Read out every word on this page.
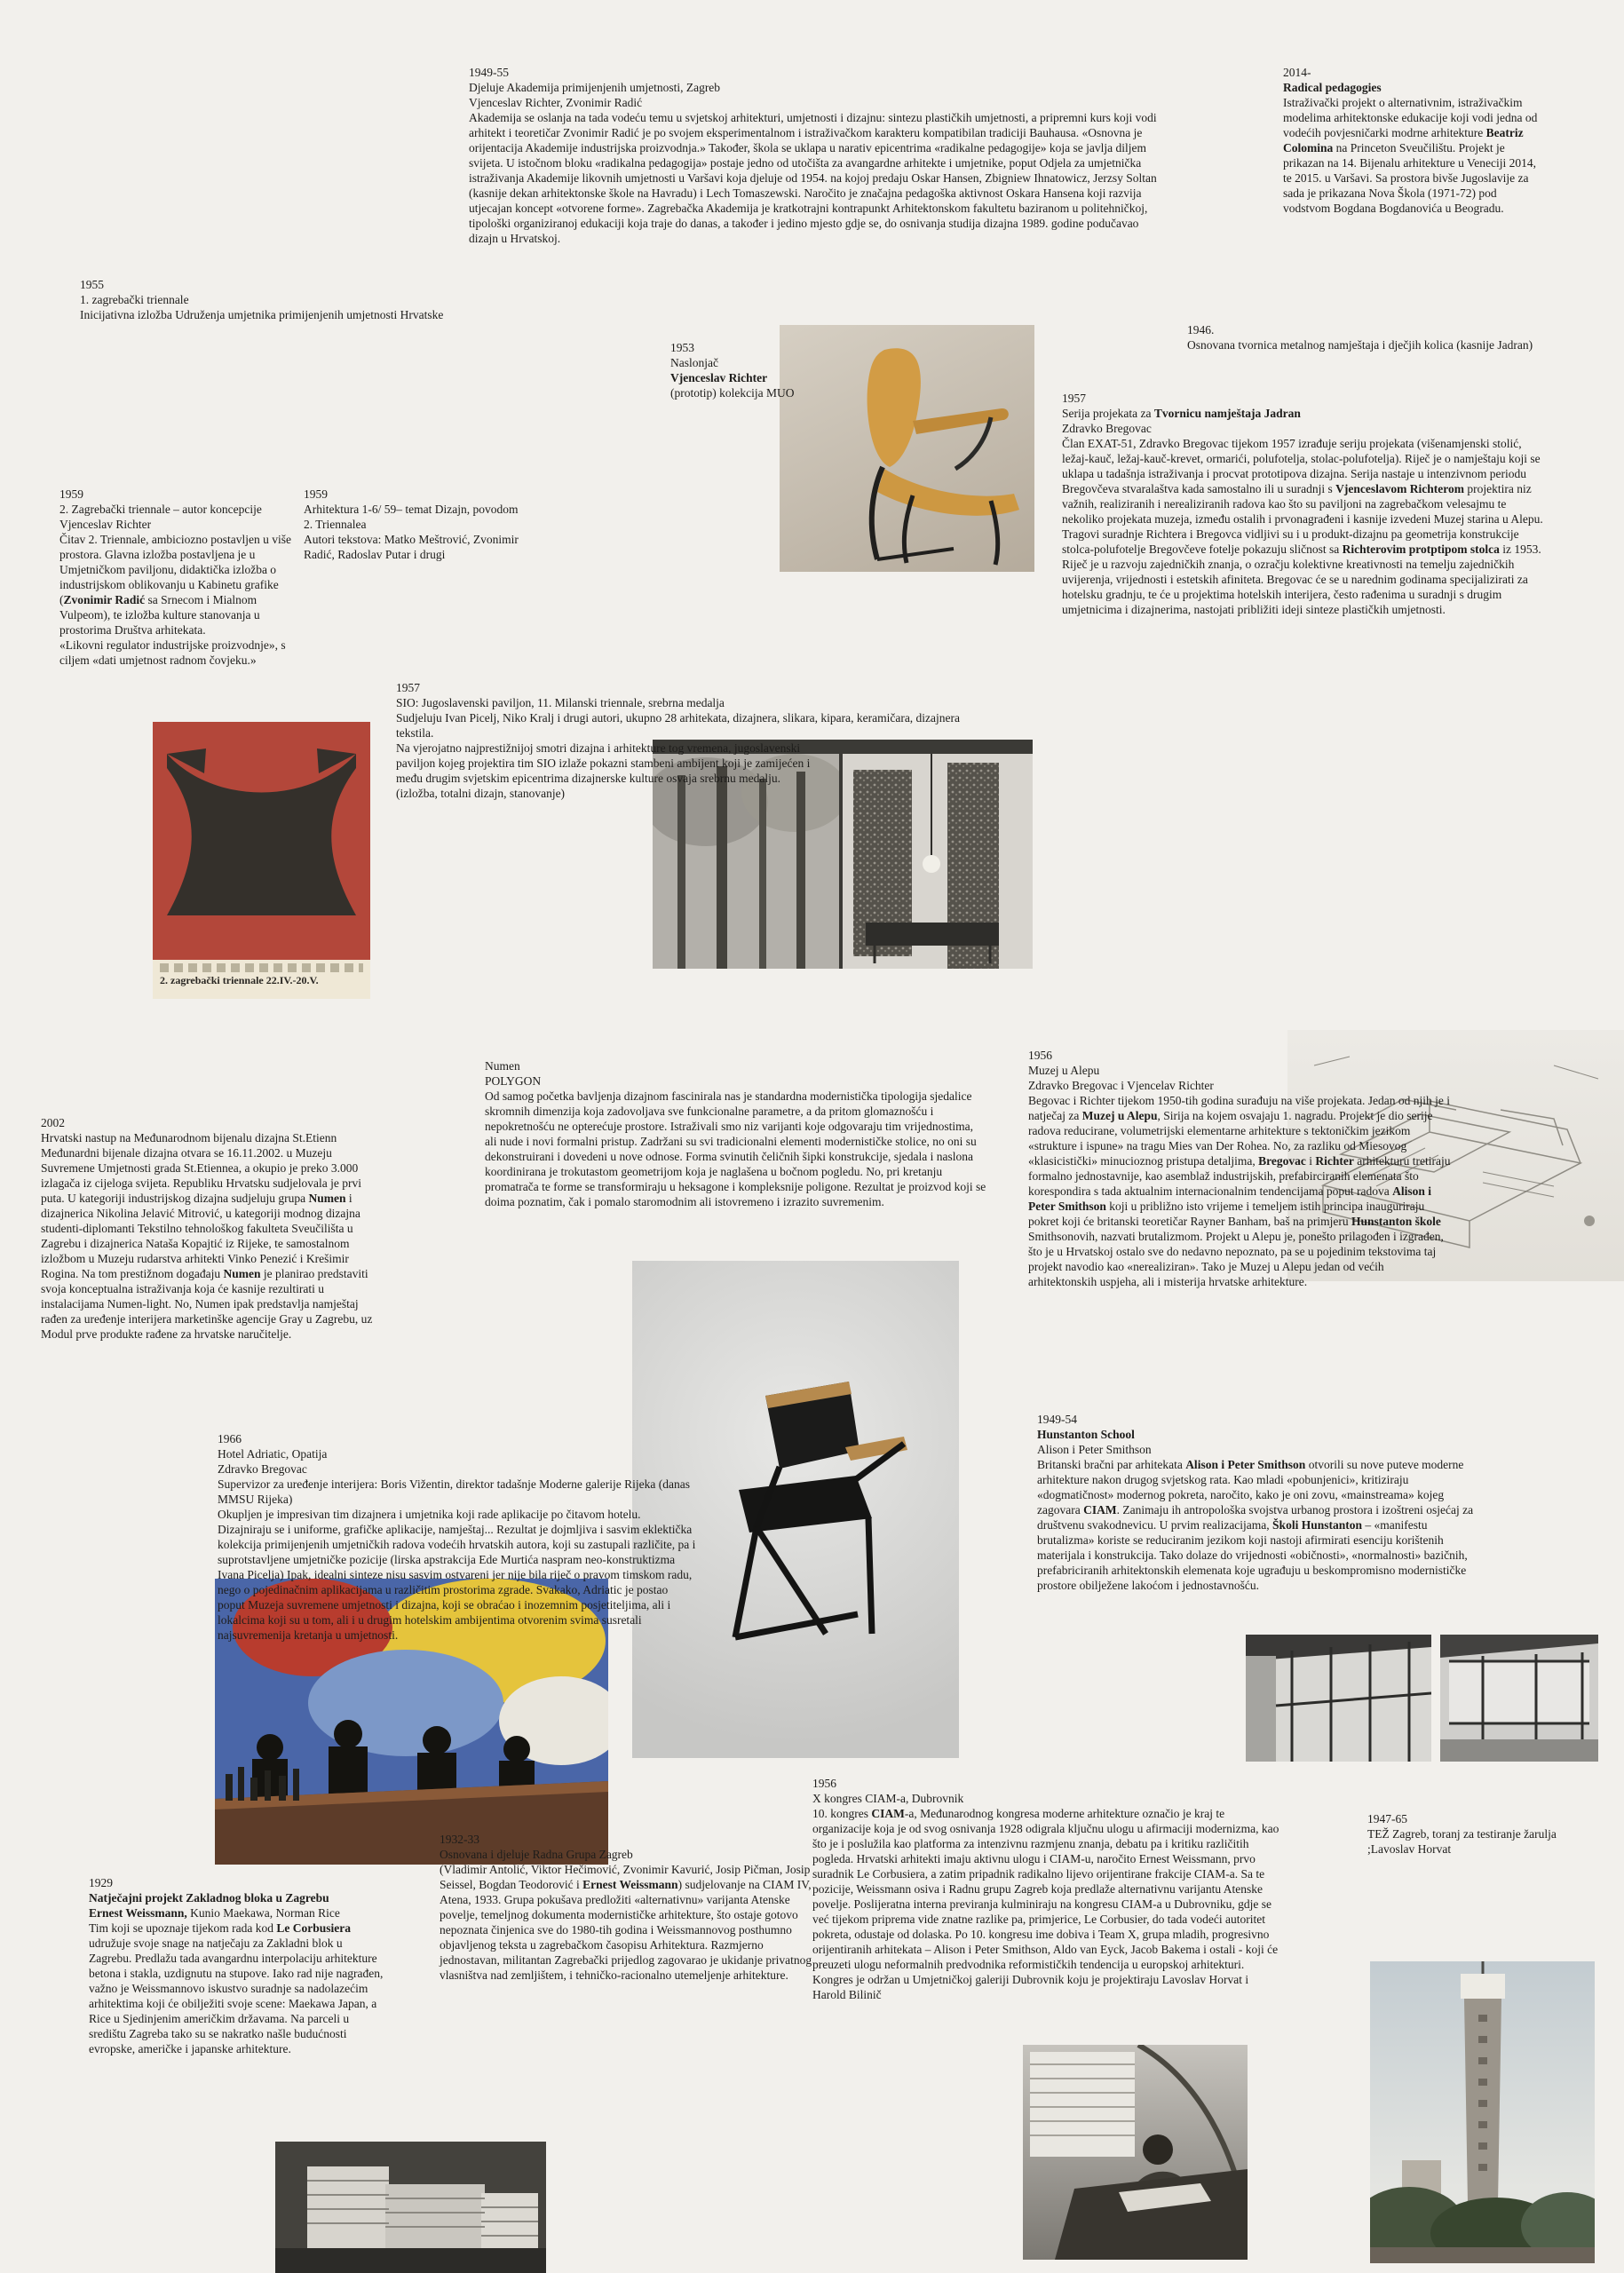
2. zagrebački triennale 22.IV.-20.V.

1949-55

Djeluje Akademija primijenjenih umjetnosti, Zagreb

Vjenceslav Richter, Zvonimir Radić

Akademija se oslanja na tada vodeću temu u svjetskoj arhitekturi, umjetnosti i dizajnu: sintezu plastičkih umjetnosti, a pripremni kurs koji vodi arhitekt i teoretičar Zvonimir Radić je po svojem eksperimentalnom i istraživačkom karakteru kompatibilan tradiciji Bauhausa. «Osnovna je orijentacija Akademije industrijska proizvodnja.» Također, škola se uklapa u narativ epicentrima «radikalne pedagogije» koja se javlja diljem svijeta. U istočnom bloku «radikalna pedagogija» postaje jedno od utočišta za avangardne arhitekte i umjetnike, poput Odjela za umjetnička istraživanja Akademije likovnih umjetnosti u Varšavi koja djeluje od 1954. na kojoj predaju Oskar Hansen, Zbigniew Ihnatowicz, Jerzsy Soltan (kasnije dekan arhitektonske škole na Havradu) i Lech Tomaszewski. Naročito je značajna pedagoška aktivnost Oskara Hansena koji razvija utjecajan koncept «otvorene forme». Zagrebačka Akademija je kratkotrajni kontrapunkt Arhitektonskom fakultetu baziranom u politehničkoj, tipološki organiziranoj edukaciji koja traje do danas, a također i jedino mjesto gdje se, do osnivanja studija dizajna 1989. godine podučavao dizajn u Hrvatskoj.

2014-

Radical pedagogies

Istraživački projekt o alternativnim, istraživačkim modelima arhitektonske edukacije koji vodi jedna od vodećih povjesničarki modrne arhitekture Beatriz Colomina na Princeton Sveučilištu. Projekt je prikazan na 14. Bijenalu arhitekture u Veneciji 2014, te 2015. u Varšavi. Sa prostora bivše Jugoslavije za sada je prikazana Nova Škola (1971-72) pod vodstvom Bogdana Bogdanovića u Beogradu.

1955

1. zagrebački triennale

Inicijativna izložba Udruženja umjetnika primijenjenih umjetnosti Hrvatske

1953

Naslonjač

Vjenceslav Richter

(prototip) kolekcija MUO

1946.

Osnovana tvornica metalnog namještaja i dječjih kolica (kasnije Jadran)

1957

Serija projekata za Tvornicu namještaja Jadran

Zdravko Bregovac

Član EXAT-51, Zdravko Bregovac tijekom 1957 izrađuje seriju projekata (višenamjenski stolić, ležaj-kauč, ležaj-kauč-krevet, ormarići, polufotelja, stolac-polufotelja). Riječ je o namještaju koji se uklapa u tadašnja istraživanja i procvat prototipova dizajna. Serija nastaje u intenzivnom periodu Bregovčeva stvaralaštva kada samostalno ili u suradnji s Vjenceslavom Richterom projektira niz važnih, realiziranih i nerealiziranih radova kao što su paviljoni na zagrebačkom velesajmu te nekoliko projekata muzeja, između ostalih i prvonagrađeni i kasnije izvedeni Muzej starina u Alepu. Tragovi suradnje Richtera i Bregovca vidljivi su i u produkt-dizajnu pa geometrija konstrukcije stolca-polufotelje Bregovčeve fotelje pokazuju sličnost sa Richterovim protptipom stolca iz 1953. Riječ je u razvoju zajedničkih znanja, o ozračju kolektivne kreativnosti na temelju zajedničkih uvijerenja, vrijednosti i estetskih afiniteta. Bregovac će se u narednim godinama specijalizirati za hotelsku gradnju, te će u projektima hotelskih interijera, često rađenima u suradnji s drugim umjetnicima i dizajnerima, nastojati približiti ideji sinteze plastičkih umjetnosti.

1959

2. Zagrebački triennale – autor koncepcije Vjenceslav Richter

Čitav 2. Triennale, ambiciozno postavljen u više prostora. Glavna izložba postavljena je u Umjetničkom paviljonu, didaktička izložba o industrijskom oblikovanju u Kabinetu grafike (Zvonimir Radić sa Srnecom i Mialnom Vulpeom), te izložba kulture stanovanja u prostorima Društva arhitekata.

«Likovni regulator industrijske proizvodnje», s ciljem «dati umjetnost radnom čovjeku.»

1959

Arhitektura 1-6/ 59– temat Dizajn, povodom 2. Triennalea

Autori tekstova: Matko Meštrović, Zvonimir Radić, Radoslav Putar i drugi

1957

SIO: Jugoslavenski paviljon, 11. Milanski triennale, srebrna medalja

Sudjeluju Ivan Picelj, Niko Kralj i drugi autori, ukupno 28 arhitekata, dizajnera, slikara, kipara, keramičara, dizajnera tekstila.

Na vjerojatno najprestižnijoj smotri dizajna i arhitekture tog vremena, jugoslavenski paviljon kojeg projektira tim SIO izlaže pokazni stambeni ambijent koji je zamijećen i među drugim svjetskim epicentrima dizajnerske kulture osvaja srebrnu medalju.

(izložba, totalni dizajn, stanovanje)

Numen

POLYGON

Od samog početka bavljenja dizajnom fascinirala nas je standardna modernistička tipologija sjedalice skromnih dimenzija koja zadovoljava sve funkcionalne parametre, a da pritom glomaznošću i nepokretnošću ne opterećuje prostore. Istraživali smo niz varijanti koje odgovaraju tim vrijednostima, ali nude i novi formalni pristup. Zadržani su svi tradicionalni elementi modernističke stolice, no oni su dekonstruirani i dovedeni u nove odnose. Forma svinutih čeličnih šipki konstrukcije, sjedala i naslona koordinirana je trokutastom geometrijom koja je naglašena u bočnom pogledu. No, pri kretanju promatrača te forme se transformiraju u heksagone i kompleksnije poligone. Rezultat je proizvod koji se doima poznatim, čak i pomalo staromodnim ali istovremeno i izrazito suvremenim.

1956

Muzej u Alepu

Zdravko Bregovac i Vjencelav Richter

Begovac i Richter tijekom 1950-tih godina surađuju na više projekata. Jedan od njih je i natječaj za Muzej u Alepu, Sirija na kojem osvajaju 1. nagradu. Projekt je dio serije radova reducirane, volumetrijski elementarne arhitekture s tektoničkim jezikom «strukture i ispune» na tragu Mies van Der Rohea. No, za razliku od Miesovog «klasicistički» minucioznog pristupa detaljima, Bregovac i Richter arhitekturu tretiraju formalno jednostavnije, kao asemblaž industrijskih, prefabirciranih elemenata što korespondira s tada aktualnim internacionalnim tendencijama poput radova Alison i Peter Smithson koji u približno isto vrijeme i temeljem istih principa inauguriraju pokret koji će britanski teoretičar Rayner Banham, baš na primjeru Hunstanton škole Smithsonovih, nazvati brutalizmom. Projekt u Alepu je, ponešto prilagođen i izgrađen, što je u Hrvatskoj ostalo sve do nedavno nepoznato, pa se u pojedinim tekstovima taj projekt navodio kao «nerealiziran». Tako je Muzej u Alepu jedan od većih arhitektonskih uspjeha, ali i misterija hrvatske arhitekture.

2002

Hrvatski nastup na Međunarodnom bijenalu dizajna St.Etienn

Međunardni bijenale dizajna otvara se 16.11.2002. u Muzeju Suvremene Umjetnosti grada St.Etiennea, a okupio je preko 3.000 izlagača iz cijeloga svijeta. Republiku Hrvatsku sudjelovala je prvi puta. U kategoriji industrijskog dizajna sudjeluju grupa Numen i dizajnerica Nikolina Jelavić Mitrović, u kategoriji modnog dizajna studenti-diplomanti Tekstilno tehnološkog fakulteta Sveučilišta u Zagrebu i dizajnerica Nataša Kopajtić iz Rijeke, te samostalnom izložbom u Muzeju rudarstva arhitekti Vinko Penezić i Krešimir Rogina. Na tom prestižnom događaju Numen je planirao predstaviti svoja konceptualna istraživanja koja će kasnije rezultirati u instalacijama Numen-light. No, Numen ipak predstavlja namještaj rađen za uređenje interijera marketinške agencije Gray u Zagrebu, uz Modul prve produkte rađene za hrvatske naručitelje.

1966

Hotel Adriatic, Opatija

Zdravko Bregovac

Supervizor za uređenje interijera: Boris Vižentin, direktor tadašnje Moderne galerije Rijeka (danas MMSU Rijeka)

Okupljen je impresivan tim dizajnera i umjetnika koji rade aplikacije po čitavom hotelu. Dizajniraju se i uniforme, grafičke aplikacije, namještaj... Rezultat je dojmljiva i sasvim eklektička kolekcija primijenjenih umjetničkih radova vodećih hrvatskih autora, koji su zastupali različite, pa i suprotstavljene umjetničke pozicije (lirska apstrakcija Ede Murtića naspram neo-konstruktizma Ivana Picelja) Ipak, idealni sinteze nisu sasvim ostvareni jer nije bila riječ o pravom timskom radu, nego o pojedinačnim aplikacijama u različitim prostorima zgrade. Svakako, Adriatic je postao poput Muzeja suvremene umjetnosti i dizajna, koji se obraćao i inozemnim posjetiteljima, ali i lokalcima koji su u tom, ali i u drugim hotelskim ambijentima otvorenim svima susretali najsuvremenija kretanja u umjetnosti.

1949-54

Hunstanton School

Alison i Peter Smithson

Britanski bračni par arhitekata Alison i Peter Smithson otvorili su nove puteve moderne arhitekture nakon drugog svjetskog rata. Kao mladi «pobunjenici», kritiziraju «dogmatičnost» modernog pokreta, naročito, kako je oni zovu, «mainstreama» kojeg zagovara CIAM. Zanimaju ih antropološka svojstva urbanog prostora i izoštreni osjećaj za društvenu svakodnevicu. U prvim realizacijama, Školi Hunstanton – «manifestu brutalizma» koriste se reduciranim jezikom koji nastoji afirmirati esenciju korištenih materijala i konstrukcija. Tako dolaze do vrijednosti «običnosti», «normalnosti» bazičnih, prefabriciranih arhitektonskih elemenata koje ugrađuju u beskompromisno modernističke prostore obilježene lakoćom i jednostavnošću.

1956

X kongres CIAM-a, Dubrovnik

10. kongres CIAM-a, Međunarodnog kongresa moderne arhitekture označio je kraj te organizacije koja je od svog osnivanja 1928 odigrala ključnu ulogu u afirmaciji modernizma, kao što je i poslužila kao platforma za intenzivnu razmjenu znanja, debatu pa i kritiku različitih pogleda. Hrvatski arhitekti imaju aktivnu ulogu i CIAM-u, naročito Ernest Weissmann, prvo suradnik Le Corbusiera, a zatim pripadnik radikalno lijevo orijentirane frakcije CIAM-a. Sa te pozicije, Weissmann osiva i Radnu grupu Zagreb koja predlaže alternativnu varijantu Atenske povelje. Poslijeratna interna previranja kulminiraju na kongresu CIAM-a u Dubrovniku, gdje se već tijekom priprema vide znatne razlike pa, primjerice, Le Corbusier, do tada vodeći autoritet pokreta, odustaje od dolaska. Po 10. kongresu ime dobiva i Team X, grupa mladih, progresivno orijentiranih arhitekata – Alison i Peter Smithson, Aldo van Eyck, Jacob Bakema i ostali - koji će preuzeti ulogu neformalnih predvodnika reformističkih tendencija u europskoj arhitekturi. Kongres je održan u Umjetničkoj galeriji Dubrovnik koju je projektiraju Lavoslav Horvat i Harold Bilinič

1947-65

TEŽ Zagreb, toranj za testiranje žarulja

;Lavoslav Horvat

1929

Natječajni projekt Zakladnog bloka u Zagrebu

Ernest Weissmann, Kunio Maekawa, Norman Rice

Tim koji se upoznaje tijekom rada kod Le Corbusiera udružuje svoje snage na natječaju za Zakladni blok u Zagrebu. Predlažu tada avangardnu interpolaciju arhitekture betona i stakla, uzdignutu na stupove. Iako rad nije nagrađen, važno je Weissmannovo iskustvo suradnje sa nadolazećim arhitektima koji će obilježiti svoje scene: Maekawa Japan, a Rice u Sjedinjenim američkim državama. Na parceli u središtu Zagreba tako su se nakratko našle budućnosti evropske, američke i japanske arhitekture.

1932-33

Osnovana i djeluje Radna Grupa Zagreb

(Vladimir Antolić, Viktor Hečimović, Zvonimir Kavurić, Josip Pičman, Josip Seissel, Bogdan Teodorović i Ernest Weissmann) sudjelovanje na CIAM IV, Atena, 1933. Grupa pokušava predložiti «alternativnu» varijanta Atenske povelje, temeljnog dokumenta modernističke arhitekture, što ostaje gotovo nepoznata činjenica sve do 1980-tih godina i Weissmannovog posthumno objavljenog teksta u zagrebačkom časopisu Arhitektura. Razmjerno jednostavan, militantan Zagrebački prijedlog zagovarao je ukidanje privatnog vlasništva nad zemljištem, i tehničko-racionalno utemeljenje arhitekture.
